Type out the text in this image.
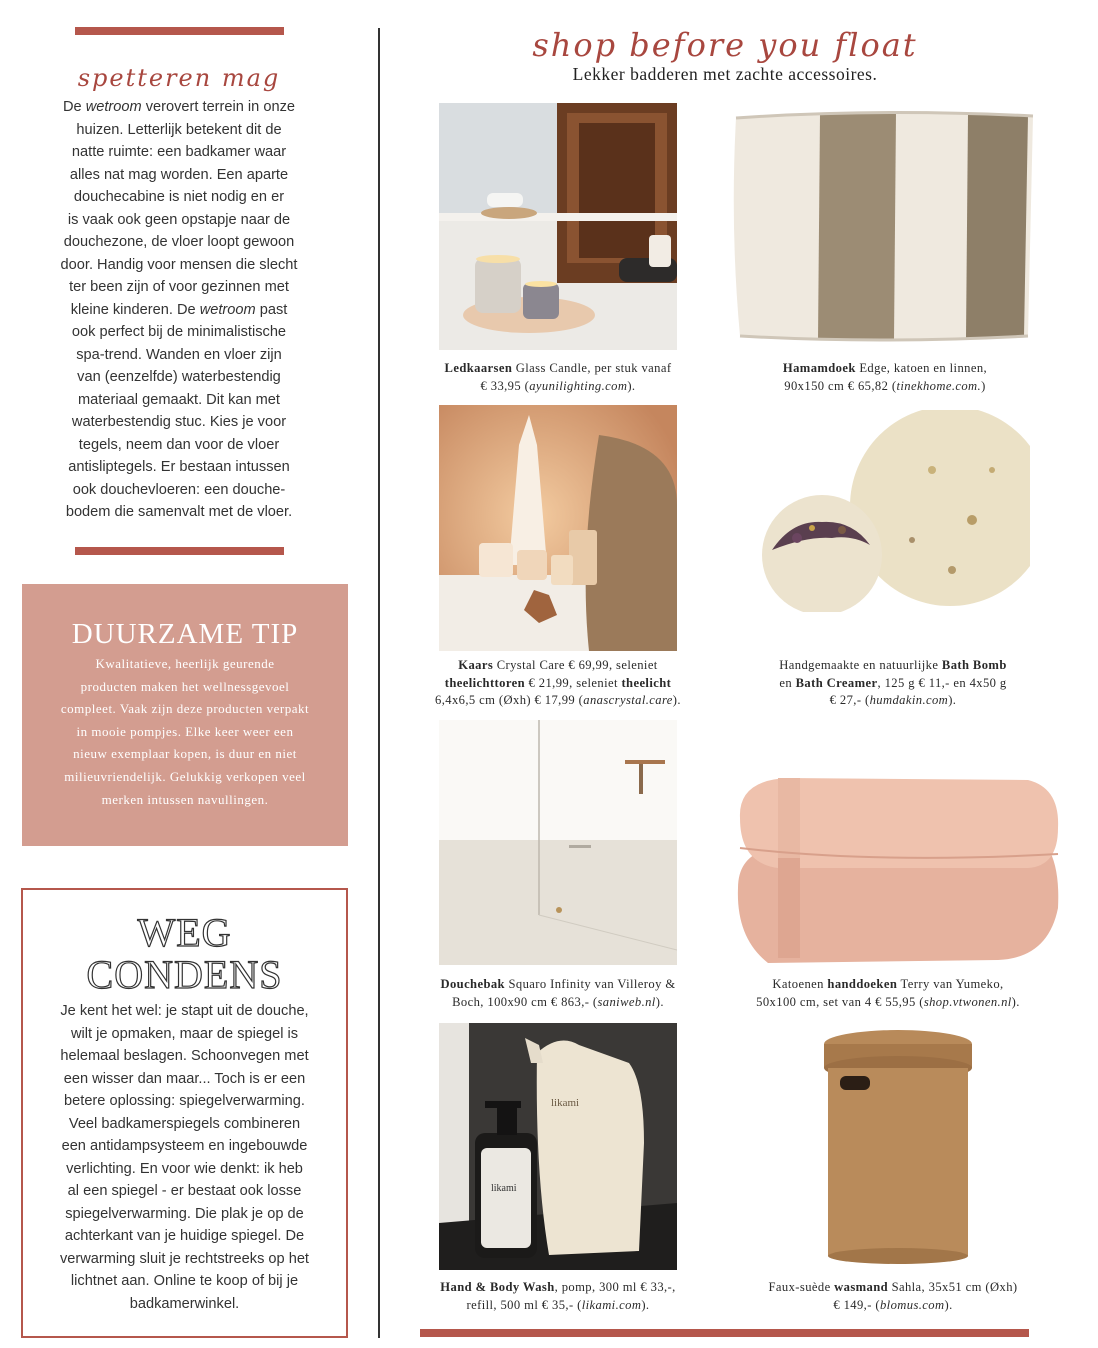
spetteren mag
De wetroom verovert terrein in onze
huizen. Letterlijk betekent dit de
natte ruimte: een badkamer waar
alles nat mag worden. Een aparte
douchecabine is niet nodig en er
is vaak ook geen opstapje naar de
douchezone, de vloer loopt gewoon
door. Handig voor mensen die slecht
ter been zijn of voor gezinnen met
kleine kinderen. De wetroom past
ook perfect bij de minimalistische
spa-trend. Wanden en vloer zijn
van (eenzelfde) waterbestendig
materiaal gemaakt. Dit kan met
waterbestendig stuc. Kies je voor
tegels, neem dan voor de vloer
antisliptegels. Er bestaan intussen
ook douchevloeren: een douche-
bodem die samenvalt met de vloer.
DUURZAME TIP
Kwalitatieve, heerlijk geurende
producten maken het wellnessgevoel
compleet. Vaak zijn deze producten verpakt
in mooie pompjes. Elke keer weer een
nieuw exemplaar kopen, is duur en niet
milieuvriendelijk. Gelukkig verkopen veel
merken intussen navullingen.
WEG
CONDENS
Je kent het wel: je stapt uit de douche,
wilt je opmaken, maar de spiegel is
helemaal beslagen. Schoonvegen met
een wisser dan maar... Toch is er een
betere oplossing: spiegelverwarming.
Veel badkamerspiegels combineren
een antidampsysteem en ingebouwde
verlichting. En voor wie denkt: ik heb
al een spiegel - er bestaat ook losse
spiegelverwarming. Die plak je op de
achterkant van je huidige spiegel. De
verwarming sluit je rechtstreeks op het
lichtnet aan. Online te koop of bij je
badkamerwinkel.
shop before you float
Lekker badderen met zachte accessoires.
Ledkaarsen Glass Candle, per stuk vanaf
€ 33,95 (ayunilighting.com).
Hamamdoek Edge, katoen en linnen,
90x150 cm € 65,82 (tinekhome.com.)
Kaars Crystal Care € 69,99, seleniet
theelichttoren € 21,99, seleniet theelicht
6,4x6,5 cm (Øxh) € 17,99 (anascrystal.care).
Handgemaakte en natuurlijke Bath Bomb
en Bath Creamer, 125 g € 11,- en 4x50 g
€ 27,- (humdakin.com).
Douchebak Squaro Infinity van Villeroy &
Boch, 100x90 cm € 863,- (saniweb.nl).
Katoenen handdoeken Terry van Yumeko,
50x100 cm, set van 4 € 55,95 (shop.vtwonen.nl).
likami
likami
Hand & Body Wash, pomp, 300 ml € 33,-,
refill, 500 ml € 35,- (likami.com).
Faux-suède wasmand Sahla, 35x51 cm (Øxh)
€ 149,- (blomus.com).
